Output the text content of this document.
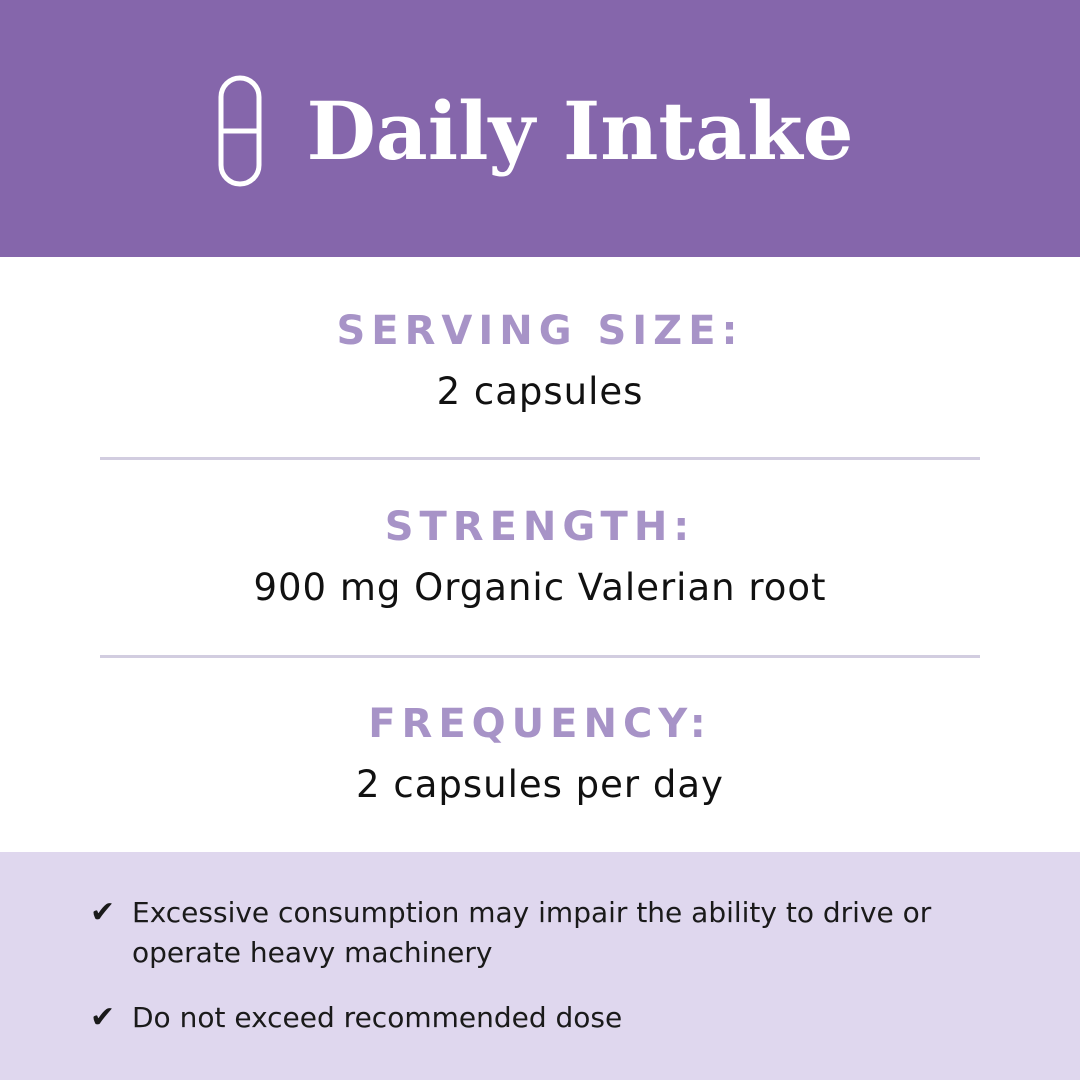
Daily Intake
SERVING SIZE:
2 capsules
STRENGTH:
900 mg Organic Valerian root
FREQUENCY:
2 capsules per day
✔ Excessive consumption may impair the ability to drive or operate heavy machinery
✔ Do not exceed recommended dose
